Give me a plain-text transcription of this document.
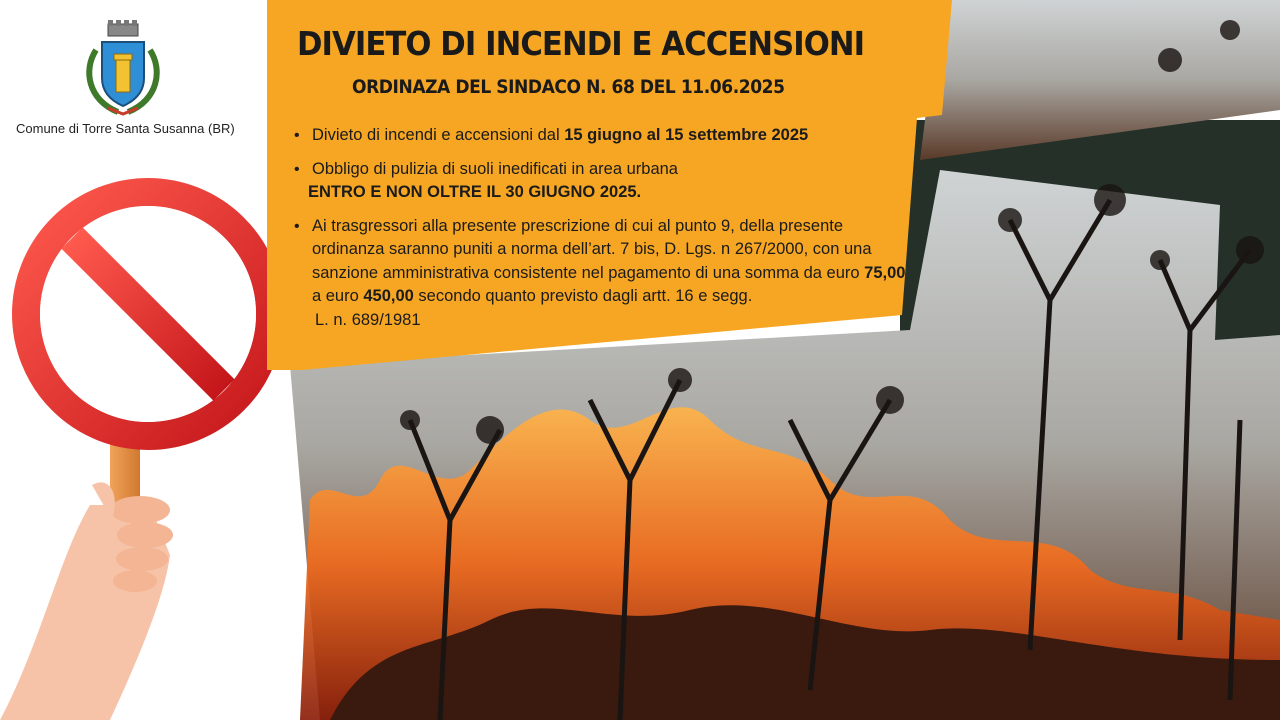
Comune di Torre Santa Susanna (BR)
DIVIETO DI INCENDI E ACCENSIONI
ORDINAZA DEL SINDACO N. 68 DEL 11.06.2025
• Divieto di incendi e accensioni dal 15 giugno al 15 settembre 2025
• Obbligo di pulizia di suoli inedificati in area urbana
ENTRO E NON OLTRE IL 30 GIUGNO 2025.
• Ai trasgressori alla presente prescrizione di cui al punto 9, della presente ordinanza saranno puniti a norma dell’art. 7 bis, D. Lgs. n 267/2000, con una sanzione amministrativa consistente nel pagamento di una somma da euro 75,00 a euro 450,00 secondo quanto previsto dagli artt. 16 e segg.
L. n. 689/1981
